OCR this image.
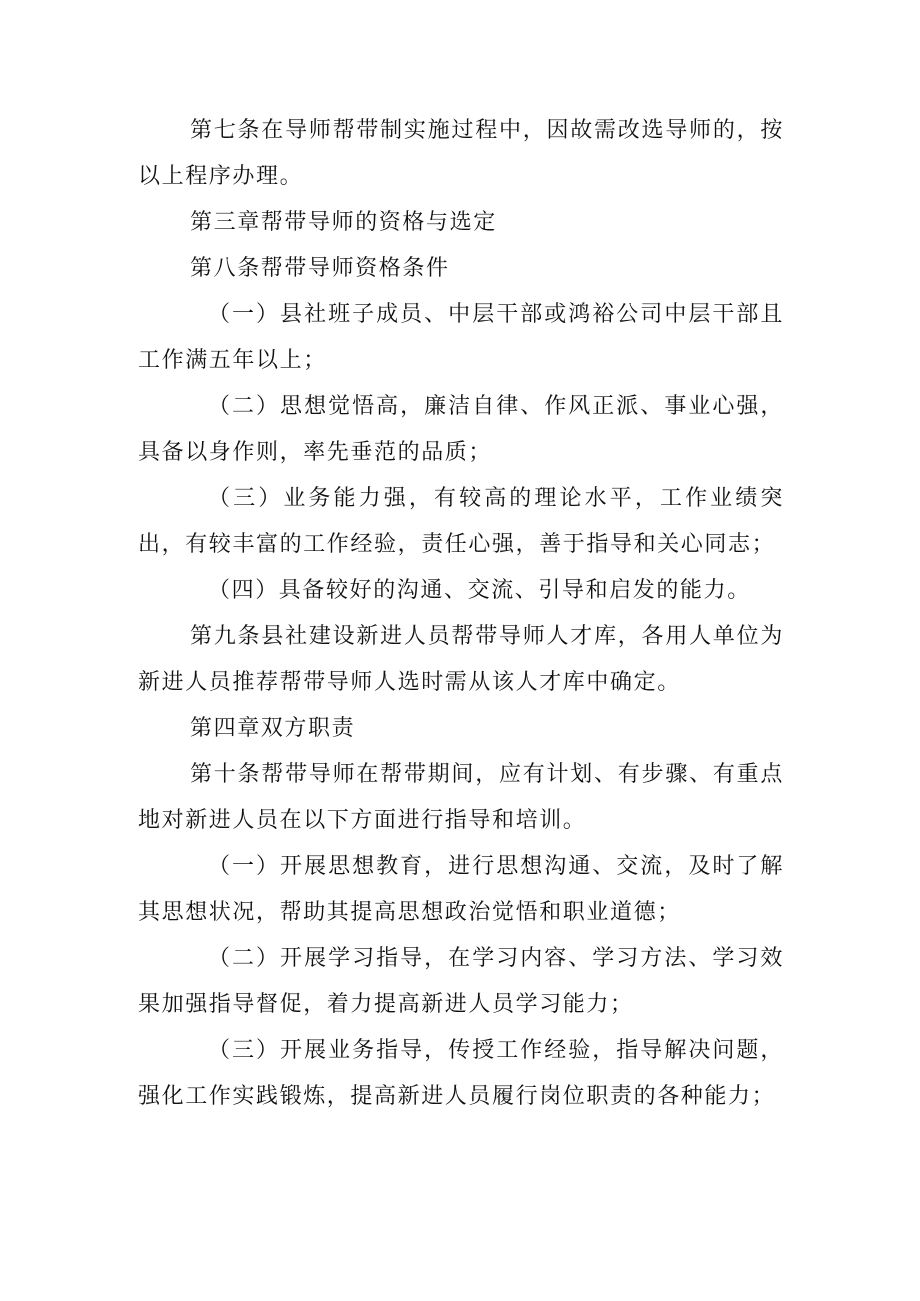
第七条在导师帮带制实施过程中，因故需改选导师的，按以上程序办理。

第三章帮带导师的资格与选定

第八条帮带导师资格条件

（一）县社班子成员、中层干部或鸿裕公司中层干部且工作满五年以上；

（二）思想觉悟高，廉洁自律、作风正派、事业心强，具备以身作则，率先垂范的品质；

（三）业务能力强，有较高的理论水平，工作业绩突出，有较丰富的工作经验，责任心强，善于指导和关心同志；

（四）具备较好的沟通、交流、引导和启发的能力。

第九条县社建设新进人员帮带导师人才库，各用人单位为新进人员推荐帮带导师人选时需从该人才库中确定。

第四章双方职责

第十条帮带导师在帮带期间，应有计划、有步骤、有重点地对新进人员在以下方面进行指导和培训。

（一）开展思想教育，进行思想沟通、交流，及时了解其思想状况，帮助其提高思想政治觉悟和职业道德；

（二）开展学习指导，在学习内容、学习方法、学习效果加强指导督促，着力提高新进人员学习能力；

（三）开展业务指导，传授工作经验，指导解决问题，强化工作实践锻炼，提高新进人员履行岗位职责的各种能力；
